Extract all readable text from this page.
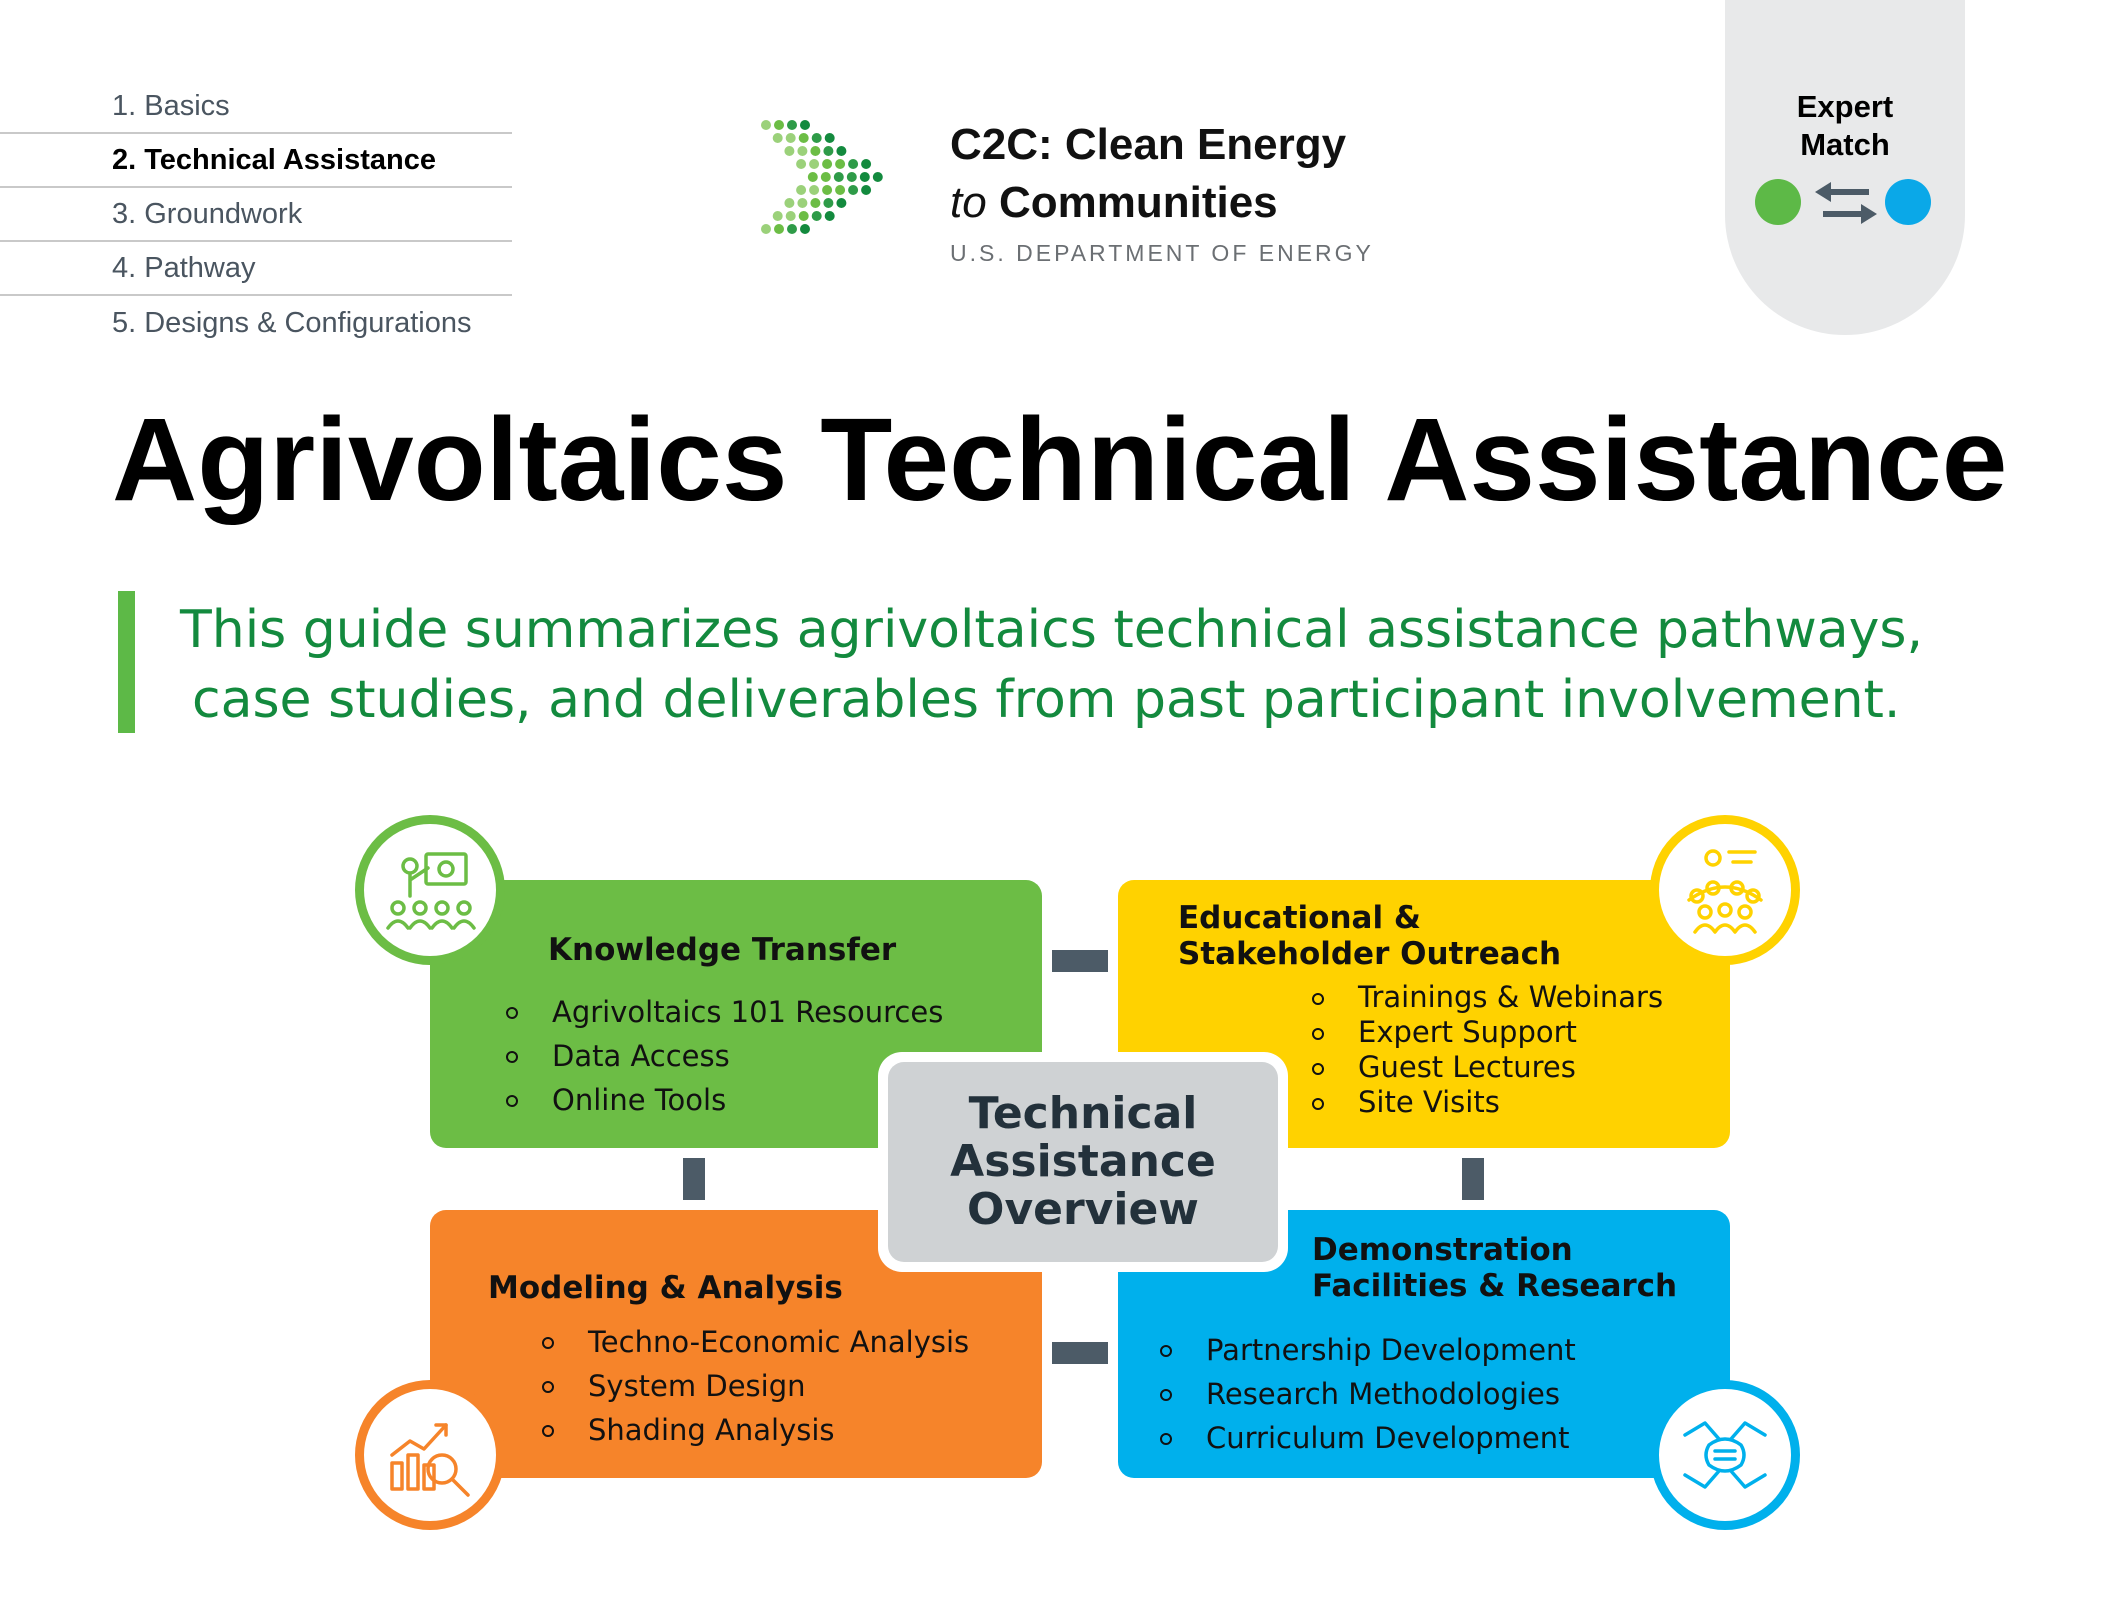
1. Basics
2. Technical Assistance
3. Groundwork
4. Pathway
5. Designs & Configurations
C2C: Clean Energy
to Communities
U.S. DEPARTMENT OF ENERGY
Expert
Match
Agrivoltaics Technical Assistance

This guide summarizes agrivoltaics technical assistance pathways,
case studies, and deliverables from past participant involvement.

Knowledge Transfer
Agrivoltaics 101 Resources
Data Access
Online Tools
Educational &
Stakeholder Outreach
Trainings & Webinars
Expert Support
Guest Lectures
Site Visits
Modeling & Analysis
Techno-Economic Analysis
System Design
Shading Analysis
Demonstration
Facilities & Research
Partnership Development
Research Methodologies
Curriculum Development
Technical
Assistance
Overview
